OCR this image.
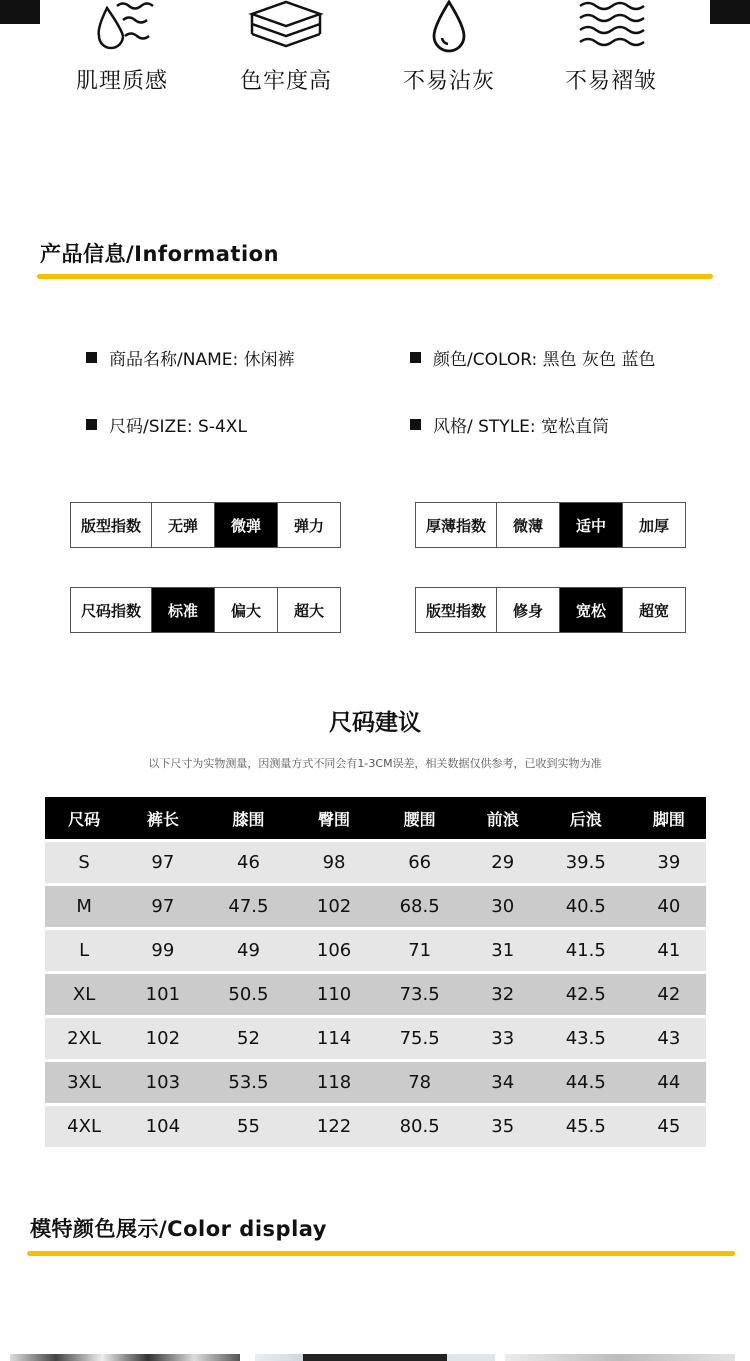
肌理质感	色牢度高	不易沾灰	不易褶皱
产品信息/Information
商品名称/NAME: 休闲裤	颜色/COLOR: 黑色 灰色 蓝色
尺码/SIZE: S-4XL	风格/ STYLE: 宽松直筒
版型指数	无弹	微弹	弹力	厚薄指数	微薄	适中	加厚
尺码指数	标准	偏大	超大	版型指数	修身	宽松	超宽
尺码建议
以下尺寸为实物测量，因测量方式不同会有1-3CM误差，相关数据仅供参考，已收到实物为准
尺码	裤长	膝围	臀围	腰围	前浪	后浪	脚围
S	97	46	98	66	29	39.5	39
M	97	47.5	102	68.5	30	40.5	40
L	99	49	106	71	31	41.5	41
XL	101	50.5	110	73.5	32	42.5	42
2XL	102	52	114	75.5	33	43.5	43
3XL	103	53.5	118	78	34	44.5	44
4XL	104	55	122	80.5	35	45.5	45
模特颜色展示/Color display
